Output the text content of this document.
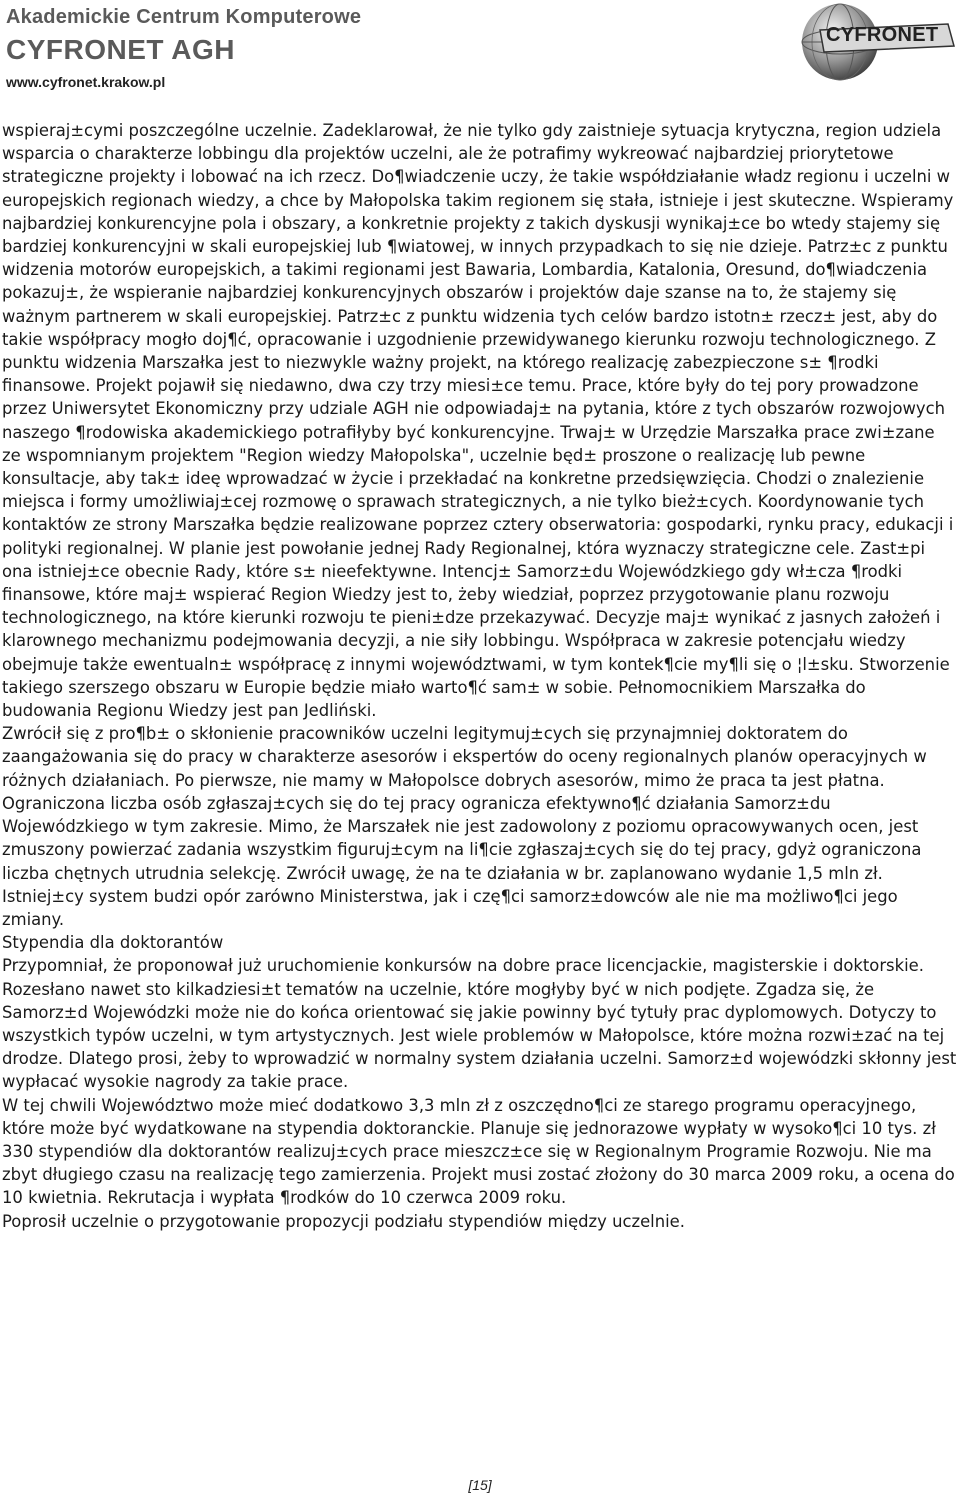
Akademickie Centrum Komputerowe
CYFRONET AGH
www.cyfronet.krakow.pl
CYFRONET

wspieraj±cymi poszczególne uczelnie. Zadeklarował, że nie tylko gdy zaistnieje sytuacja krytyczna, region udziela wsparcia o charakterze lobbingu dla projektów uczelni, ale że potrafimy wykreować najbardziej priorytetowe strategiczne projekty i lobować na ich rzecz. Do¶wiadczenie uczy, że takie współdziałanie władz regionu i uczelni w europejskich regionach wiedzy, a chce by Małopolska takim regionem się stała, istnieje i jest skuteczne. Wspieramy najbardziej konkurencyjne pola i obszary, a konkretnie projekty z takich dyskusji wynikaj±ce bo wtedy stajemy się bardziej konkurencyjni w skali europejskiej lub ¶wiatowej, w innych przypadkach to się nie dzieje. Patrz±c z punktu widzenia motorów europejskich, a takimi regionami jest Bawaria, Lombardia, Katalonia, Oresund, do¶wiadczenia pokazuj±, że wspieranie najbardziej konkurencyjnych obszarów i projektów daje szanse na to, że stajemy się ważnym partnerem w skali europejskiej. Patrz±c z punktu widzenia tych celów bardzo istotn± rzecz± jest, aby do takie współpracy mogło doj¶ć, opracowanie i uzgodnienie przewidywanego kierunku rozwoju technologicznego. Z punktu widzenia Marszałka jest to niezwykle ważny projekt, na którego realizację zabezpieczone s± ¶rodki finansowe. Projekt pojawił się niedawno, dwa czy trzy miesi±ce temu. Prace, które były do tej pory prowadzone przez Uniwersytet Ekonomiczny przy udziale AGH nie odpowiadaj± na pytania, które z tych obszarów rozwojowych naszego ¶rodowiska akademickiego potrafiłyby być konkurencyjne. Trwaj± w Urzędzie Marszałka prace zwi±zane ze wspomnianym projektem "Region wiedzy Małopolska", uczelnie będ± proszone o realizację lub pewne konsultacje, aby tak± ideę wprowadzać w życie i przekładać na konkretne przedsięwzięcia. Chodzi o znalezienie miejsca i formy umożliwiaj±cej rozmowę o sprawach strategicznych, a nie tylko bież±cych. Koordynowanie tych kontaktów ze strony Marszałka będzie realizowane poprzez cztery obserwatoria: gospodarki, rynku pracy, edukacji i polityki regionalnej. W planie jest powołanie jednej Rady Regionalnej, która wyznaczy strategiczne cele. Zast±pi ona istniej±ce obecnie Rady, które s± nieefektywne. Intencj± Samorz±du Wojewódzkiego gdy wł±cza ¶rodki finansowe, które maj± wspierać Region Wiedzy jest to, żeby wiedział, poprzez przygotowanie planu rozwoju technologicznego, na które kierunki rozwoju te pieni±dze przekazywać. Decyzje maj± wynikać z jasnych założeń i klarownego mechanizmu podejmowania decyzji, a nie siły lobbingu. Współpraca w zakresie potencjału wiedzy obejmuje także ewentualn± współpracę z innymi województwami, w tym kontek¶cie my¶li się o ¦l±sku. Stworzenie takiego szerszego obszaru w Europie będzie miało warto¶ć sam± w sobie. Pełnomocnikiem Marszałka do budowania Regionu Wiedzy jest pan Jedliński.

Zwrócił się z pro¶b± o skłonienie pracowników uczelni legitymuj±cych się przynajmniej doktoratem do zaangażowania się do pracy w charakterze asesorów i ekspertów do oceny regionalnych planów operacyjnych w różnych działaniach. Po pierwsze, nie mamy w Małopolsce dobrych asesorów, mimo że praca ta jest płatna. Ograniczona liczba osób zgłaszaj±cych się do tej pracy ogranicza efektywno¶ć działania Samorz±du Wojewódzkiego w tym zakresie. Mimo, że Marszałek nie jest zadowolony z poziomu opracowywanych ocen, jest zmuszony powierzać zadania wszystkim figuruj±cym na li¶cie zgłaszaj±cych się do tej pracy, gdyż ograniczona liczba chętnych utrudnia selekcję. Zwrócił uwagę, że na te działania w br. zaplanowano wydanie 1,5 mln zł. Istniej±cy system budzi opór zarówno Ministerstwa, jak i czę¶ci samorz±dowców ale nie ma możliwo¶ci jego zmiany.

Stypendia dla doktorantów

Przypomniał, że proponował już uruchomienie konkursów na dobre prace licencjackie, magisterskie i doktorskie. Rozesłano nawet sto kilkadziesi±t tematów na uczelnie, które mogłyby być w nich podjęte. Zgadza się, że Samorz±d Wojewódzki może nie do końca orientować się jakie powinny być tytuły prac dyplomowych. Dotyczy to wszystkich typów uczelni, w tym artystycznych. Jest wiele problemów w Małopolsce, które można rozwi±zać na tej drodze. Dlatego prosi, żeby to wprowadzić w normalny system działania uczelni. Samorz±d wojewódzki skłonny jest wypłacać wysokie nagrody za takie prace.

W tej chwili Województwo może mieć dodatkowo 3,3 mln zł z oszczędno¶ci ze starego programu operacyjnego, które może być wydatkowane na stypendia doktoranckie. Planuje się jednorazowe wypłaty w wysoko¶ci 10 tys. zł 330 stypendiów dla doktorantów realizuj±cych prace mieszcz±ce się w Regionalnym Programie Rozwoju. Nie ma zbyt długiego czasu na realizację tego zamierzenia. Projekt musi zostać złożony do 30 marca 2009 roku, a ocena do 10 kwietnia. Rekrutacja i wypłata ¶rodków do 10 czerwca 2009 roku.

Poprosił uczelnie o przygotowanie propozycji podziału stypendiów między uczelnie.

[15]
